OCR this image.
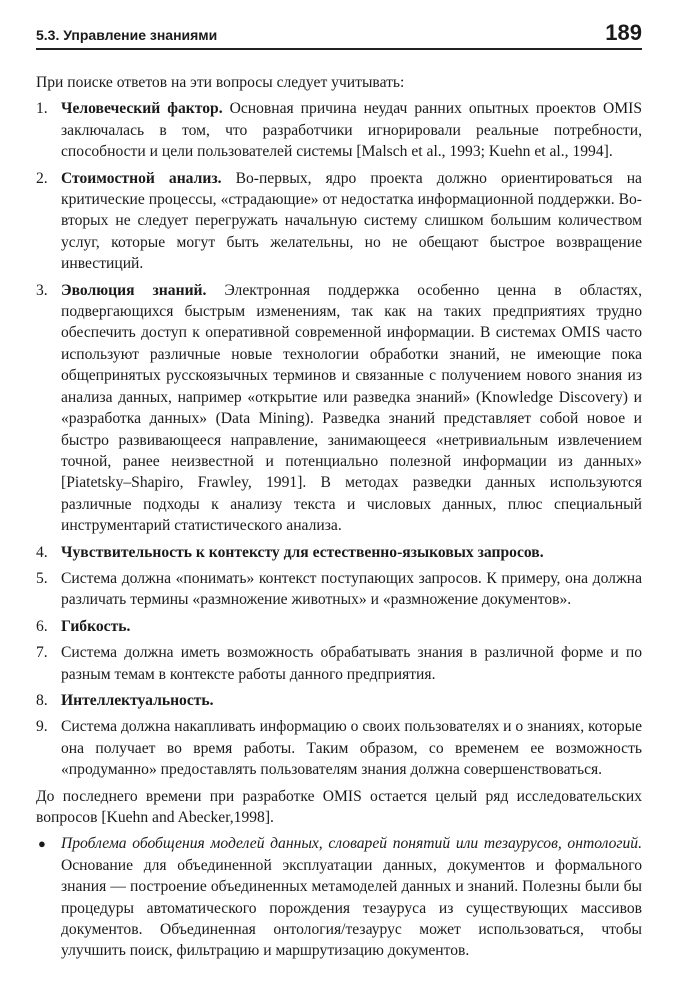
5.3. Управление знаниями	189

При поиске ответов на эти вопросы следует учитывать:

1. Человеческий фактор. Основная причина неудач ранних опытных проектов OMIS заключалась в том, что разработчики игнорировали реальные потребности, способности и цели пользователей системы [Malsch et al., 1993; Kuehn et al., 1994].
2. Стоимостной анализ. Во-первых, ядро проекта должно ориентироваться на критические процессы, «страдающие» от недостатка информационной поддержки. Во-вторых не следует перегружать начальную систему слишком большим количеством услуг, которые могут быть желательны, но не обещают быстрое возвращение инвестиций.
3. Эволюция знаний. Электронная поддержка особенно ценна в областях, подвергающихся быстрым изменениям, так как на таких предприятиях трудно обеспечить доступ к оперативной современной информации. В системах OMIS часто используют различные новые технологии обработки знаний, не имеющие пока общепринятых русскоязычных терминов и связанные с получением нового знания из анализа данных, например «открытие или разведка знаний» (Knowledge Discovery) и «разработка данных» (Data Mining). Разведка знаний представляет собой новое и быстро развивающееся направление, занимающееся «нетривиальным извлечением точной, ранее неизвестной и потенциально полезной информации из данных» [Piatetsky–Shapiro, Frawley, 1991]. В методах разведки данных используются различные подходы к анализу текста и числовых данных, плюс специальный инструментарий статистического анализа.
4. Чувствительность к контексту для естественно-языковых запросов.
5. Система должна «понимать» контекст поступающих запросов. К примеру, она должна различать термины «размножение животных» и «размножение документов».
6. Гибкость.
7. Система должна иметь возможность обрабатывать знания в различной форме и по разным темам в контексте работы данного предприятия.
8. Интеллектуальность.
9. Система должна накапливать информацию о своих пользователях и о знаниях, которые она получает во время работы. Таким образом, со временем ее возможность «продуманно» предоставлять пользователям знания должна совершенствоваться.

До последнего времени при разработке OMIS остается целый ряд исследовательских вопросов [Kuehn and Abecker,1998].

● Проблема обобщения моделей данных, словарей понятий или тезаурусов, онтологий. Основание для объединенной эксплуатации данных, документов и формального знания — построение объединенных метамоделей данных и знаний. Полезны были бы процедуры автоматического порождения тезауруса из существующих массивов документов. Объединенная онтология/тезаурус может использоваться, чтобы улучшить поиск, фильтрацию и маршрутизацию документов.
